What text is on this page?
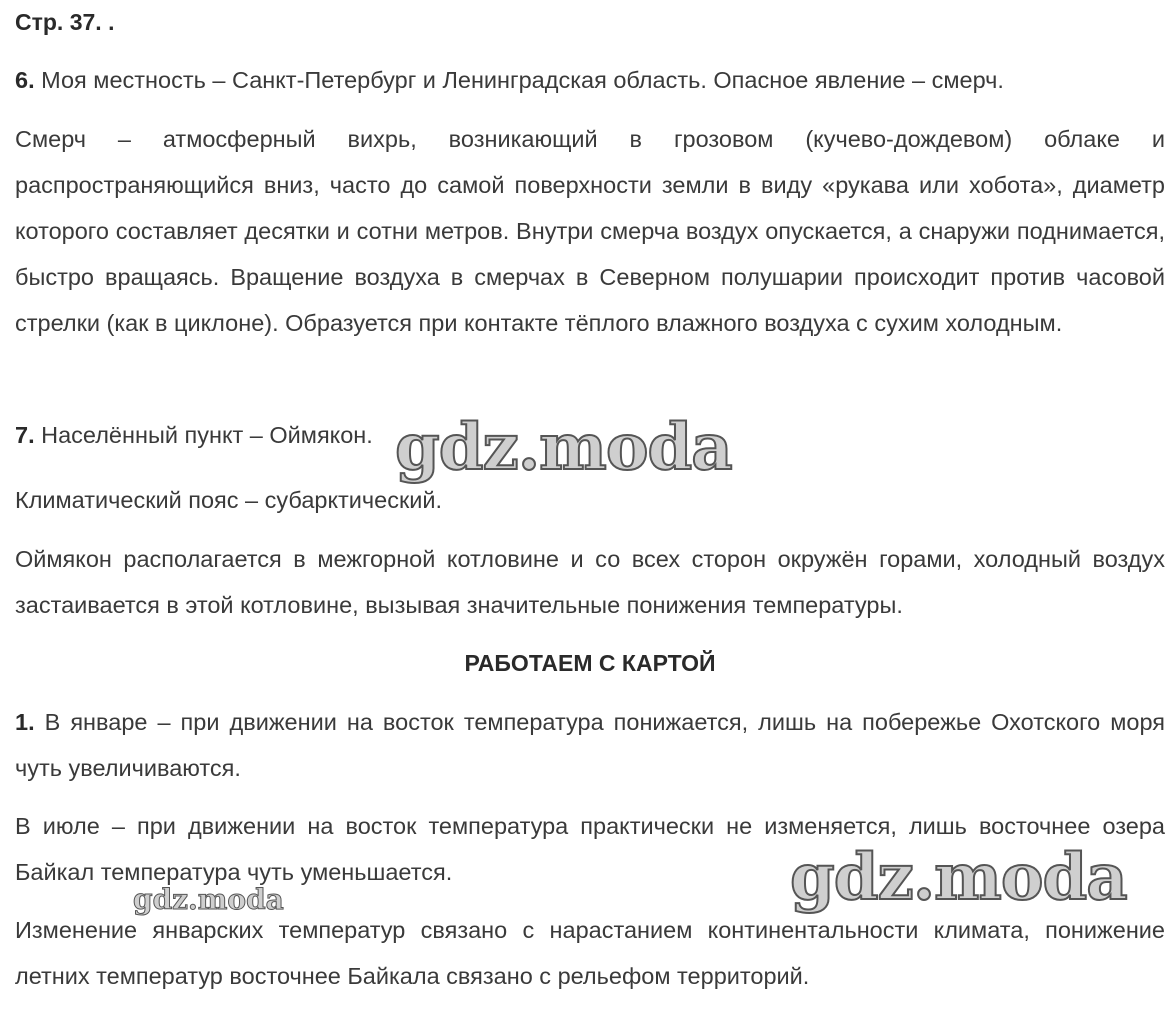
Стр. 37. .

6. Моя местность – Санкт-Петербург и Ленинградская область. Опасное явление – смерч.

Смерч – атмосферный вихрь, возникающий в грозовом (кучево-дождевом) облаке и распространяющийся вниз, часто до самой поверхности земли в виду «рукава или хобота», диаметр которого составляет десятки и сотни метров. Внутри смерча воздух опускается, а снаружи поднимается, быстро вращаясь. Вращение воздуха в смерчах в Северном полушарии происходит против часовой стрелки (как в циклоне). Образуется при контакте тёплого влажного воздуха с сухим холодным.

7. Населённый пункт – Оймякон.

Климатический пояс – субарктический.

Оймякон располагается в межгорной котловине и со всех сторон окружён горами, холодный воздух застаивается в этой котловине, вызывая значительные понижения температуры.

РАБОТАЕМ С КАРТОЙ

1. В январе – при движении на восток температура понижается, лишь на побережье Охотского моря чуть увеличиваются.

В июле – при движении на восток температура практически не изменяется, лишь восточнее озера Байкал температура чуть уменьшается.

Изменение январских температур связано с нарастанием континентальности климата, понижение летних температур восточнее Байкала связано с рельефом территорий.

gdz.moda
gdz.moda
gdz.moda
